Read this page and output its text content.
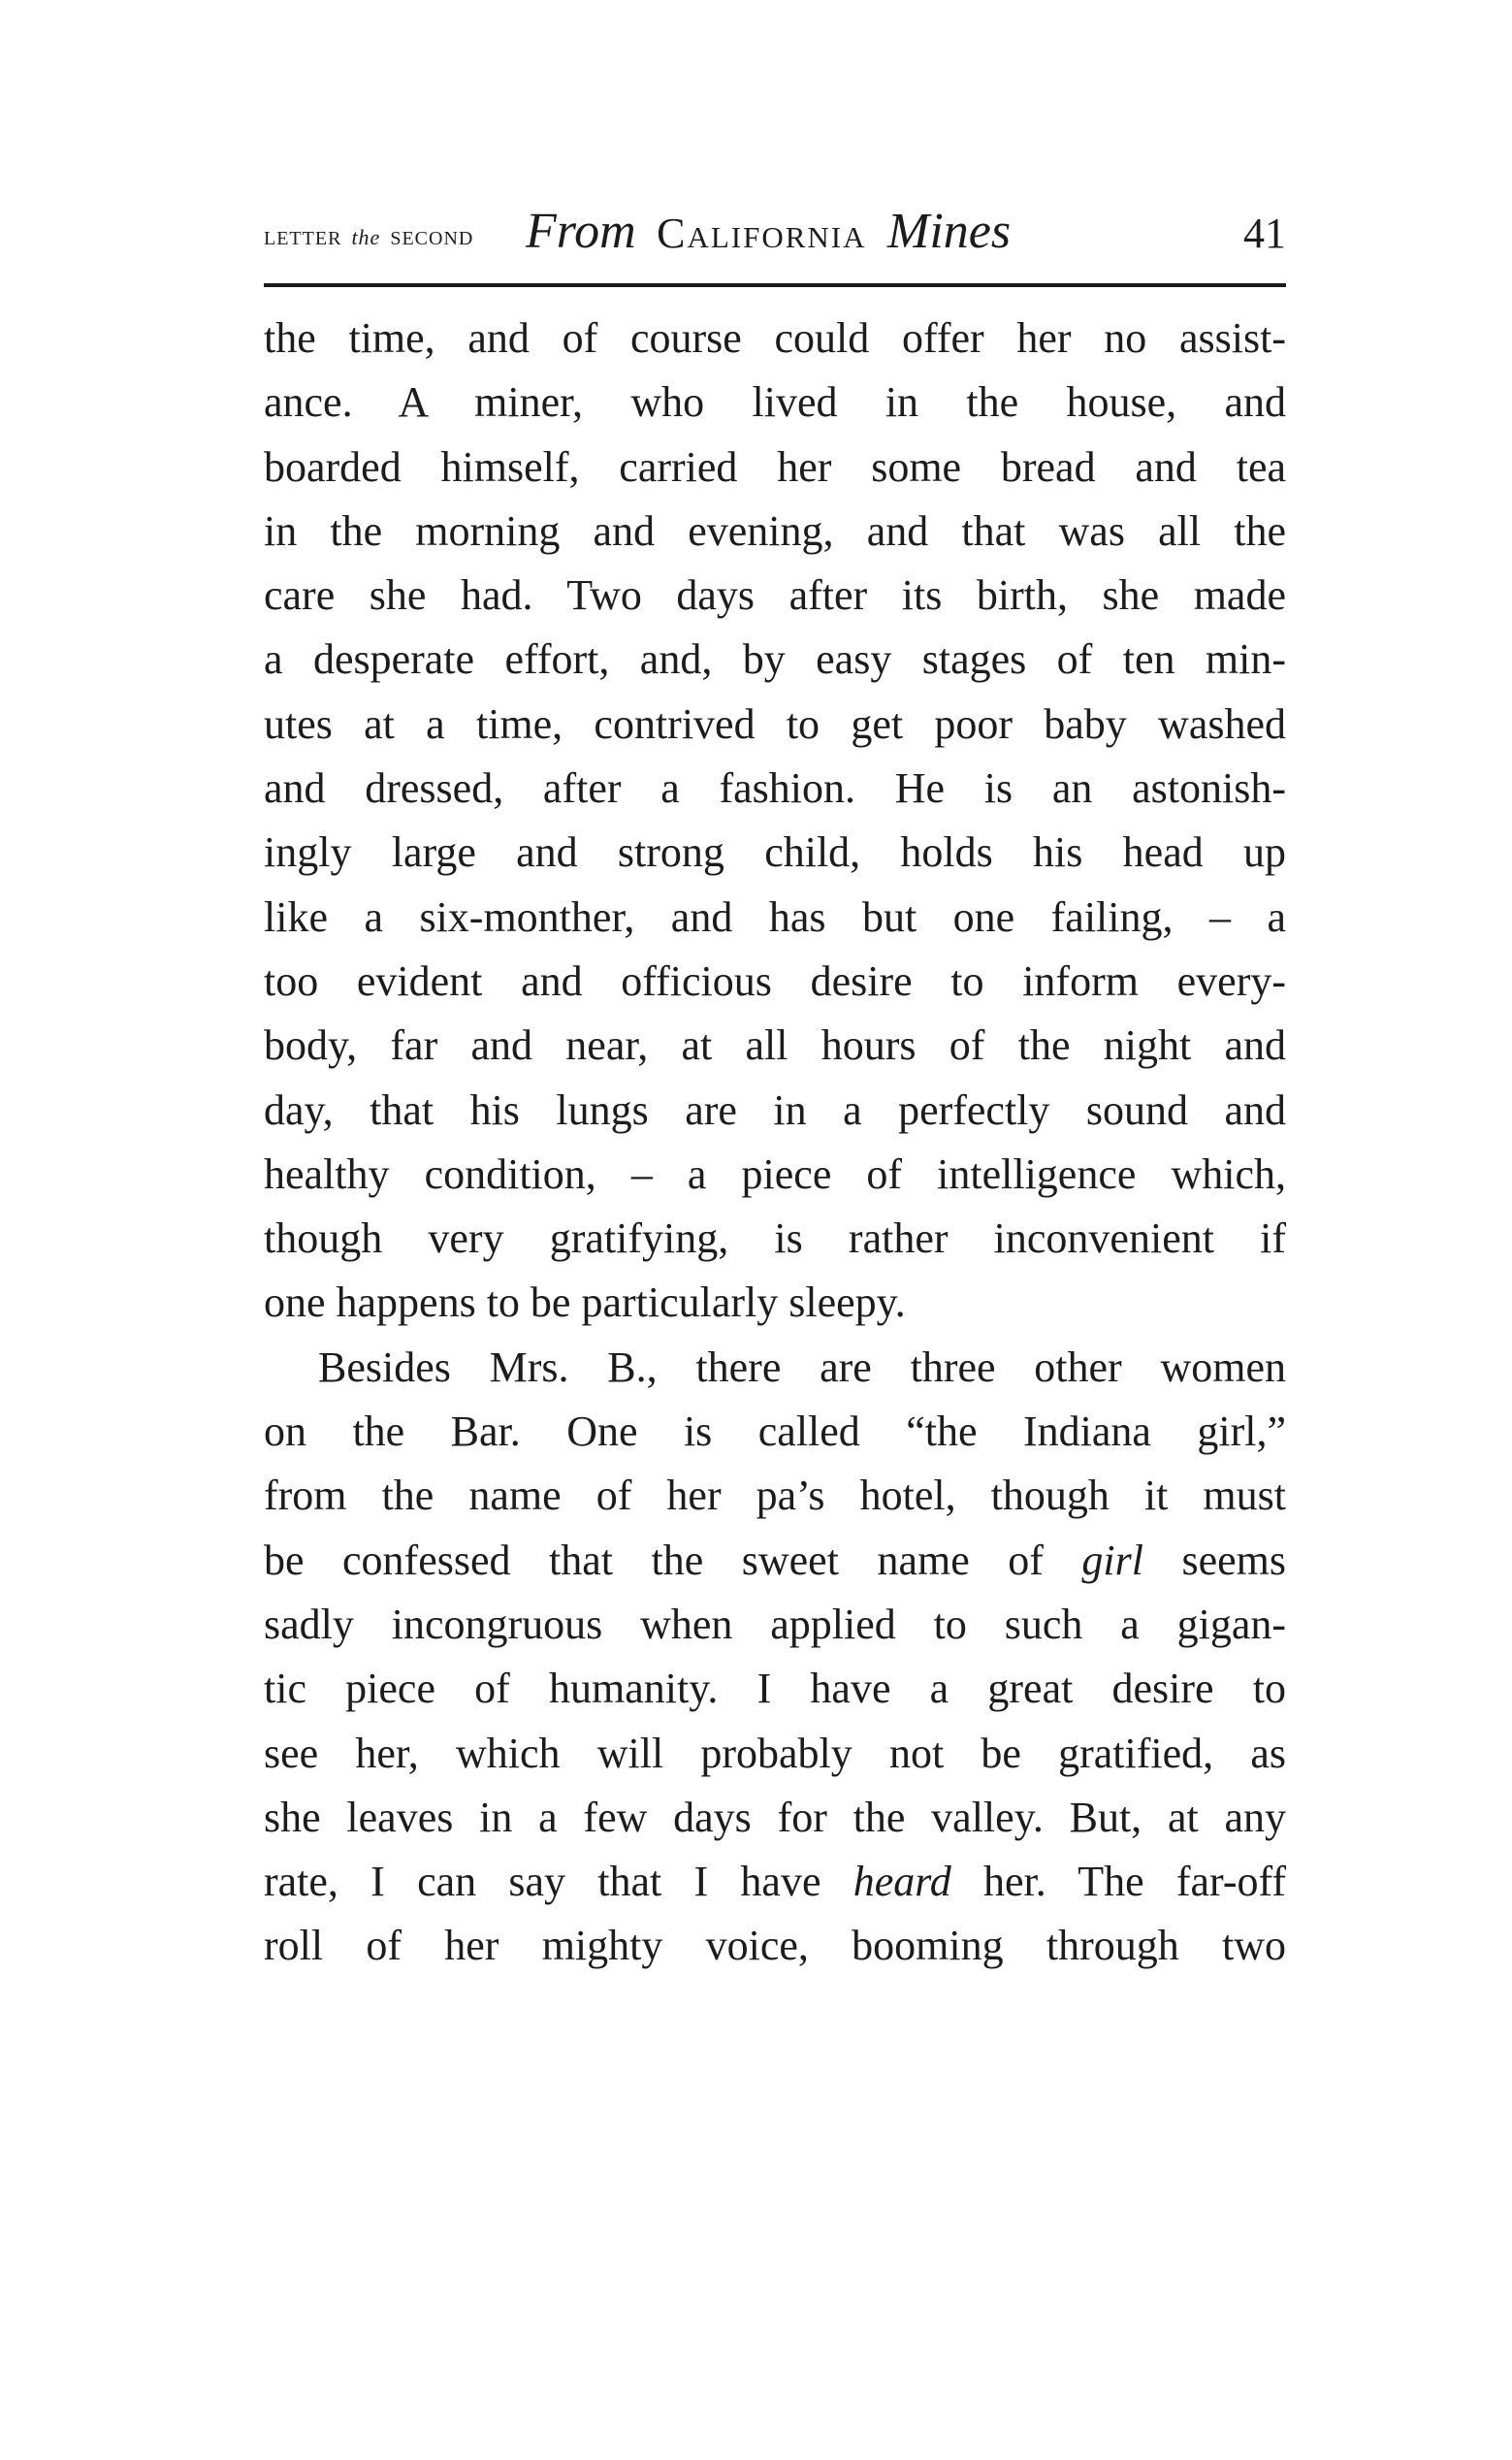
LETTER the SECOND From California Mines	41
the time, and of course could offer her no assist-
ance. A miner, who lived in the house, and
boarded himself, carried her some bread and tea
in the morning and evening, and that was all the
care she had. Two days after its birth, she made
a desperate effort, and, by easy stages of ten min-
utes at a time, contrived to get poor baby washed
and dressed, after a fashion. He is an astonish-
ingly large and strong child, holds his head up
like a six-monther, and has but one failing, – a
too evident and officious desire to inform every-
body, far and near, at all hours of the night and
day, that his lungs are in a perfectly sound and
healthy condition, – a piece of intelligence which,
though very gratifying, is rather inconvenient if
one happens to be particularly sleepy.
Besides Mrs. B., there are three other women
on the Bar. One is called “the Indiana girl,”
from the name of her pa’s hotel, though it must
be confessed that the sweet name of girl seems
sadly incongruous when applied to such a gigan-
tic piece of humanity. I have a great desire to
see her, which will probably not be gratified, as
she leaves in a few days for the valley. But, at any
rate, I can say that I have heard her. The far-off
roll of her mighty voice, booming through two
